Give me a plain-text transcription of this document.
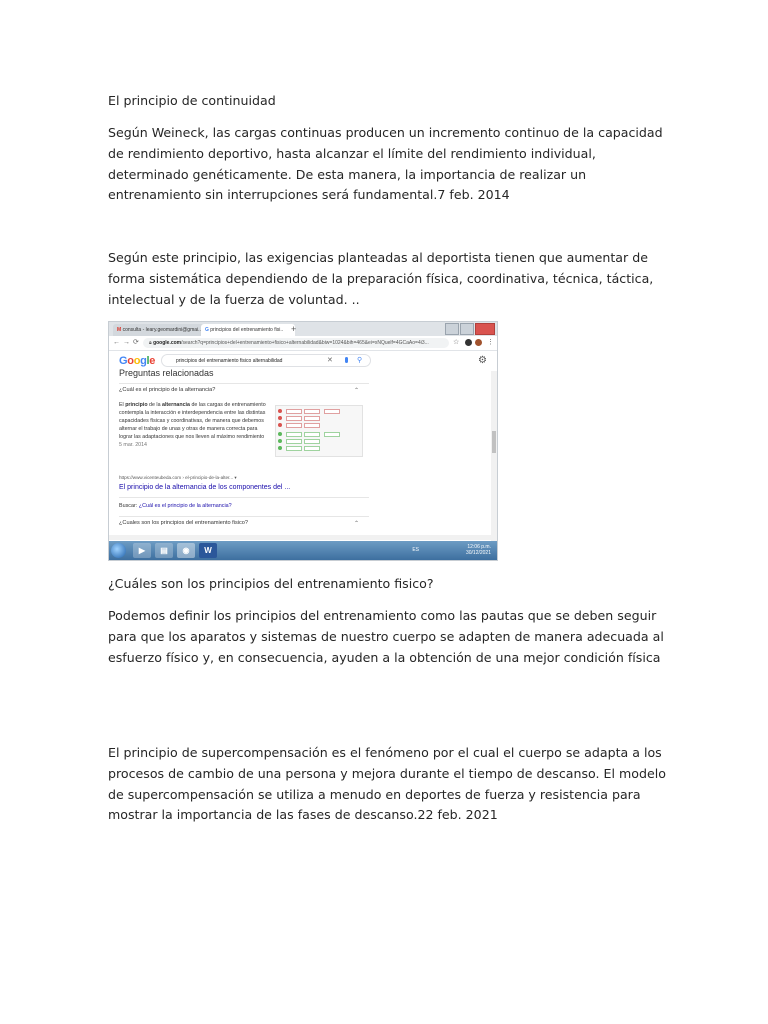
El principio de continuidad

Según Weineck, las cargas continuas producen un incremento continuo de la capacidad de rendimiento deportivo, hasta alcanzar el límite del rendimiento individual, determinado genéticamente. De esta manera, la importancia de realizar un entrenamiento sin interrupciones será fundamental.7 feb. 2014

Según este principio, las exigencias planteadas al deportista tienen que aumentar de forma sistemática dependiendo de la preparación física, coordinativa, técnica, táctica, intelectual y de la fuerza de voluntad. ..

M consulta - leary.geomardini@gmai.. G principios del entrenamiento fisi.. +
← → ⟳	🔒︎ google.com/search?q=principios+del+entrenamiento+fisico+alternabilidad&biw=1024&bih=465&ei=xNQuelf=4GCaAo=4i3...	☆	⋮
Google	principios del entrenamiento fisico alternabilidad	✕	⚲	⚙
Preguntas relacionadas
¿Cuál es el principio de la alternancia?	⌃
El principio de la alternancia de las cargas de entrenamiento contempla la interacción e interdependencia entre las distintas capacidades físicas y coordinativas, de manera que debemos alternar el trabajo de unas y otras de manera correcta para lograr las adaptaciones que nos lleven al máximo rendimiento 5 mar. 2014
https://www.vicenteubeda.com › el-principio-de-la-alter... ▾
El principio de la alternancia de los componentes del ...
Buscar: ¿Cuál es el principio de la alternancia?
¿Cuales son los principios del entrenamiento fisico?	⌃
▶	▤	◉	W	ES	12:06 p.m.
30/12/2021

¿Cuáles son los principios del entrenamiento fisico?

Podemos definir los principios del entrenamiento como las pautas que se deben seguir para que los aparatos y sistemas de nuestro cuerpo se adapten de manera adecuada al esfuerzo físico y, en consecuencia, ayuden a la obtención de una mejor condición física

El principio de supercompensación es el fenómeno por el cual el cuerpo se adapta a los procesos de cambio de una persona y mejora durante el tiempo de descanso. El modelo de supercompensación se utiliza a menudo en deportes de fuerza y resistencia para mostrar la importancia de las fases de descanso.22 feb. 2021
